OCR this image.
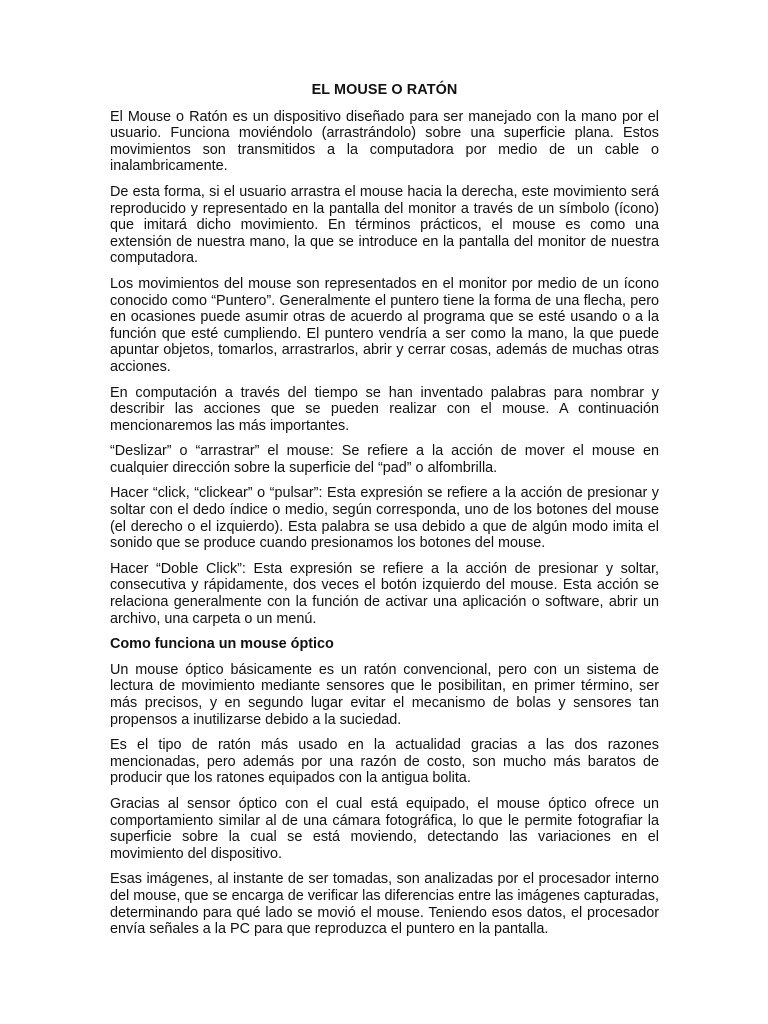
EL MOUSE O RATÓN

El Mouse o Ratón es un dispositivo diseñado para ser manejado con la mano por el usuario. Funciona moviéndolo (arrastrándolo) sobre una superficie plana. Estos movimientos son transmitidos a la computadora por medio de un cable o inalambricamente.

De esta forma, si el usuario arrastra el mouse hacia la derecha, este movimiento será reproducido y representado en la pantalla del monitor a través de un símbolo (ícono) que imitará dicho movimiento. En términos prácticos, el mouse es como una extensión de nuestra mano, la que se introduce en la pantalla del monitor de nuestra computadora.

Los movimientos del mouse son representados en el monitor por medio de un ícono conocido como “Puntero”. Generalmente el puntero tiene la forma de una flecha, pero en ocasiones puede asumir otras de acuerdo al programa que se esté usando o a la función que esté cumpliendo. El puntero vendría a ser como la mano, la que puede apuntar objetos, tomarlos, arrastrarlos, abrir y cerrar cosas, además de muchas otras acciones.

En computación a través del tiempo se han inventado palabras para nombrar y describir las acciones que se pueden realizar con el mouse. A continuación mencionaremos las más importantes.

“Deslizar” o “arrastrar” el mouse: Se refiere a la acción de mover el mouse en cualquier dirección sobre la superficie del “pad” o alfombrilla.

Hacer “click, “clickear” o “pulsar”: Esta expresión se refiere a la acción de presionar y soltar con el dedo índice o medio, según corresponda, uno de los botones del mouse (el derecho o el izquierdo). Esta palabra se usa debido a que de algún modo imita el sonido que se produce cuando presionamos los botones del mouse.

Hacer “Doble Click”: Esta expresión se refiere a la acción de presionar y soltar, consecutiva y rápidamente, dos veces el botón izquierdo del mouse. Esta acción se relaciona generalmente con la función de activar una aplicación o software, abrir un archivo, una carpeta o un menú.

Como funciona un mouse óptico

Un mouse óptico básicamente es un ratón convencional, pero con un sistema de lectura de movimiento mediante sensores que le posibilitan, en primer término, ser más precisos, y en segundo lugar evitar el mecanismo de bolas y sensores tan propensos a inutilizarse debido a la suciedad.

Es el tipo de ratón más usado en la actualidad gracias a las dos razones mencionadas, pero además por una razón de costo, son mucho más baratos de producir que los ratones equipados con la antigua bolita.

Gracias al sensor óptico con el cual está equipado, el mouse óptico ofrece un comportamiento similar al de una cámara fotográfica, lo que le permite fotografiar la superficie sobre la cual se está moviendo, detectando las variaciones en el movimiento del dispositivo.

Esas imágenes, al instante de ser tomadas, son analizadas por el procesador interno del mouse, que se encarga de verificar las diferencias entre las imágenes capturadas, determinando para qué lado se movió el mouse. Teniendo esos datos, el procesador envía señales a la PC para que reproduzca el puntero en la pantalla.
